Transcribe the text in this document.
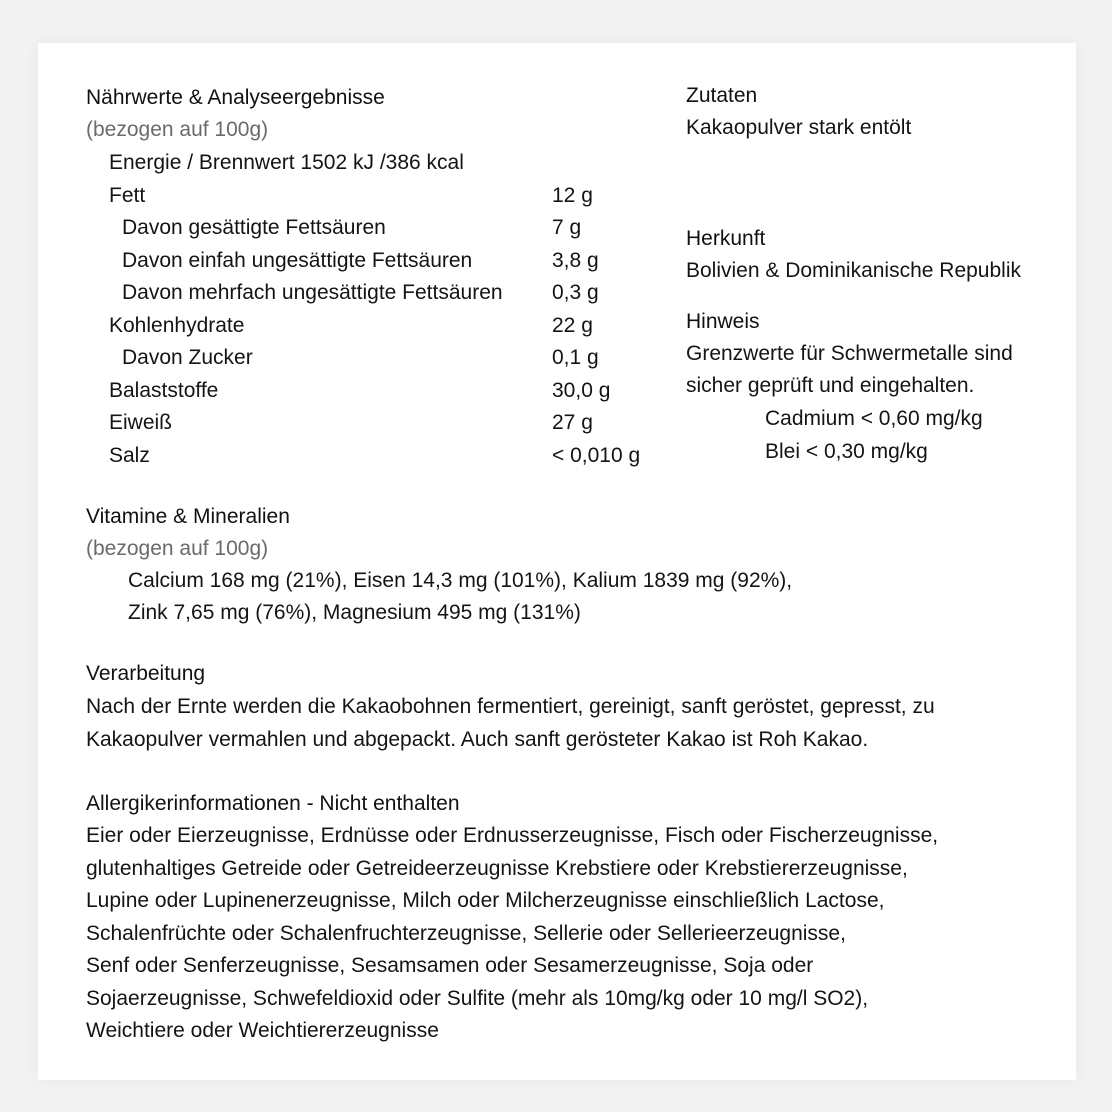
Nährwerte & Analyseergebnisse
(bezogen auf 100g)
Energie / Brennwert 1502 kJ /386 kcal
Fett	12 g
Davon gesättigte Fettsäuren	7 g
Davon einfah ungesättigte Fettsäuren	3,8 g
Davon mehrfach ungesättigte Fettsäuren 0,3 g
Kohlenhydrate	22 g
Davon Zucker	0,1 g
Balaststoffe	30,0 g
Eiweiß	27 g
Salz	< 0,010 g
Zutaten
Kakaopulver stark entölt
Herkunft
Bolivien & Dominikanische Republik
Hinweis
Grenzwerte für Schwermetalle sind
sicher geprüft und eingehalten.
Cadmium < 0,60 mg/kg
Blei < 0,30 mg/kg
Vitamine & Mineralien
(bezogen auf 100g)
Calcium 168 mg (21%), Eisen 14,3 mg (101%), Kalium 1839 mg (92%),
Zink 7,65 mg (76%), Magnesium 495 mg (131%)
Verarbeitung
Nach der Ernte werden die Kakaobohnen fermentiert, gereinigt, sanft geröstet, gepresst, zu
Kakaopulver vermahlen und abgepackt. Auch sanft gerösteter Kakao ist Roh Kakao.
Allergikerinformationen - Nicht enthalten
Eier oder Eierzeugnisse, Erdnüsse oder Erdnusserzeugnisse, Fisch oder Fischerzeugnisse,
glutenhaltiges Getreide oder Getreideerzeugnisse Krebstiere oder Krebstiererzeugnisse,
Lupine oder Lupinenerzeugnisse, Milch oder Milcherzeugnisse einschließlich Lactose,
Schalenfrüchte oder Schalenfruchterzeugnisse, Sellerie oder Sellerieerzeugnisse,
Senf oder Senferzeugnisse, Sesamsamen oder Sesamerzeugnisse, Soja oder
Sojaerzeugnisse, Schwefeldioxid oder Sulfite (mehr als 10mg/kg oder 10 mg/l SO2),
Weichtiere oder Weichtiererzeugnisse
